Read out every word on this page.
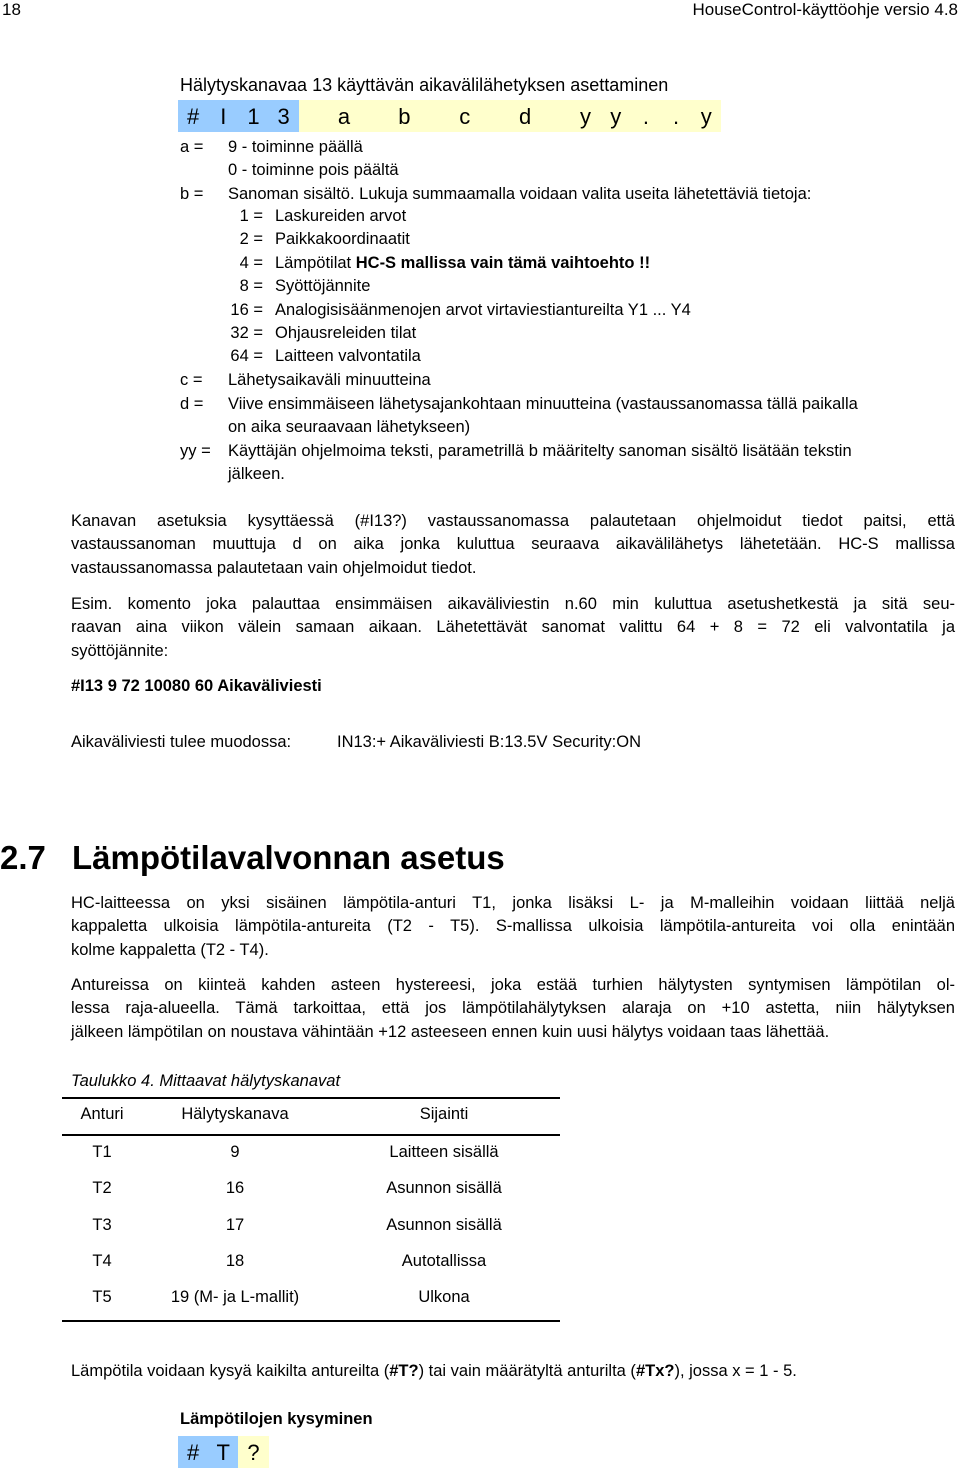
18	HouseControl-käyttöohje versio 4.8
Hälytyskanavaa 13 käyttävän aikavälilähetyksen asettaminen
# I 1 3	a	b	c	d	y y .	. y
a = 9 - toiminne päällä
0 - toiminne pois päältä
b = Sanoman sisältö. Lukuja summaamalla voidaan valita useita lähetettäviä tietoja:
1 = Laskureiden arvot
2 = Paikkakoordinaatit
4 = Lämpötilat HC-S mallissa vain tämä vaihtoehto !!
8 = Syöttöjännite
16 = Analogisisäänmenojen arvot virtaviestiantureilta Y1 ... Y4
32 = Ohjausreleiden tilat
64 = Laitteen valvontatila
c = Lähetysaikaväli minuutteina
d = Viive ensimmäiseen lähetysajankohtaan minuutteina (vastaussanomassa tällä paikalla
on aika seuraavaan lähetykseen)
yy = Käyttäjän ohjelmoima teksti, parametrillä b määritelty sanoman sisältö lisätään tekstin
jälkeen.
Kanavan asetuksia kysyttäessä (#I13?) vastaussanomassa palautetaan ohjelmoidut tiedot paitsi, että
vastaussanoman muuttuja d on aika jonka kuluttua seuraava aikavälilähetys lähetetään. HC-S mallissa
vastaussanomassa palautetaan vain ohjelmoidut tiedot.
Esim. komento joka palauttaa ensimmäisen aikaväliviestin n.60 min kuluttua asetushetkestä ja sitä seu-
raavan aina viikon välein samaan aikaan. Lähetettävät sanomat valittu 64 + 8 = 72 eli valvontatila ja
syöttöjännite:
#I13 9 72 10080 60 Aikaväliviesti
Aikaväliviesti tulee muodossa:	IN13:+ Aikaväliviesti B:13.5V Security:ON
2.7 Lämpötilavalvonnan asetus
HC-laitteessa on yksi sisäinen lämpötila-anturi T1, jonka lisäksi L- ja M-malleihin voidaan liittää neljä
kappaletta ulkoisia lämpötila-antureita (T2 - T5). S-mallissa ulkoisia lämpötila-antureita voi olla enintään
kolme kappaletta (T2 - T4).
Antureissa on kiinteä kahden asteen hystereesi, joka estää turhien hälytysten syntymisen lämpötilan ol-
lessa raja-alueella. Tämä tarkoittaa, että jos lämpötilahälytyksen alaraja on +10 astetta, niin hälytyksen
jälkeen lämpötilan on noustava vähintään +12 asteeseen ennen kuin uusi hälytys voidaan taas lähettää.
Taulukko 4. Mittaavat hälytyskanavat
Anturi	Hälytyskanava	Sijainti
T1	9	Laitteen sisällä
T2	16	Asunnon sisällä
T3	17	Asunnon sisällä
T4	18	Autotallissa
T5	19 (M- ja L-mallit)	Ulkona
Lämpötila voidaan kysyä kaikilta antureilta (#T?) tai vain määrätyltä anturilta (#Tx?), jossa x = 1 - 5.
Lämpötilojen kysyminen
# T ?
